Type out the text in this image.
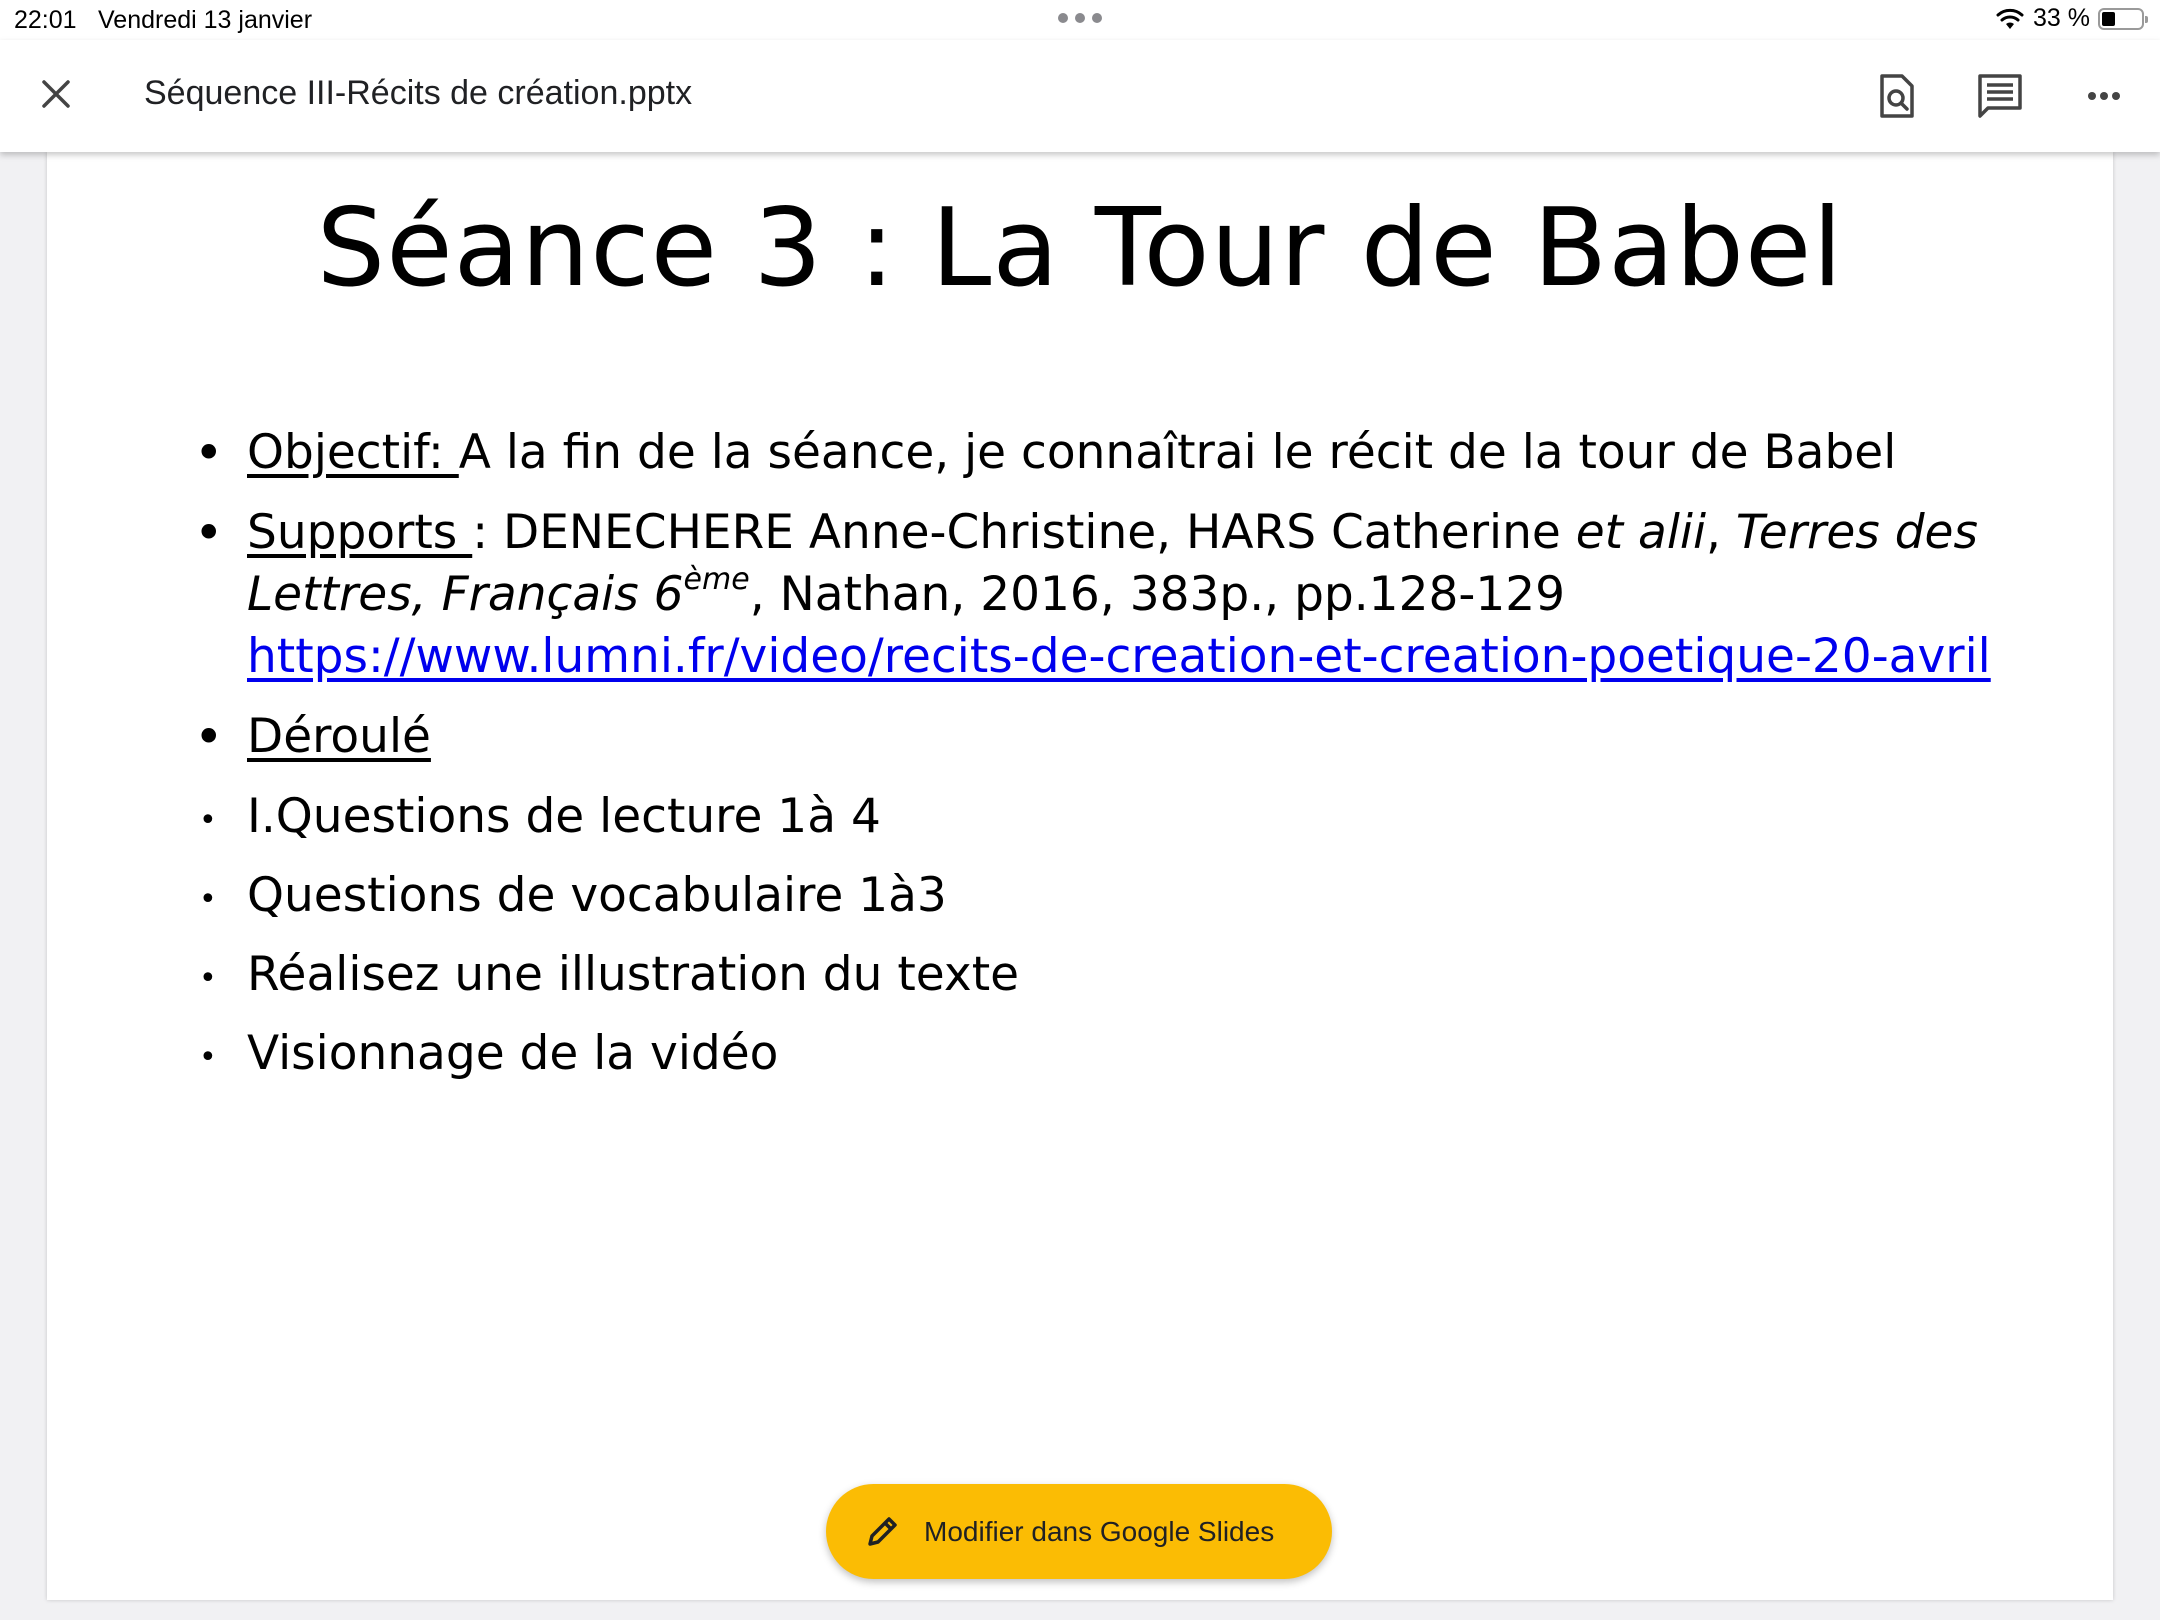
22:01 Vendredi 13 janvier	33 %
Séquence III-Récits de création.pptx
Séance 3 : La Tour de Babel
• Objectif: A la fin de la séance, je connaîtrai le récit de la tour de Babel
• Supports : DENECHERE Anne-Christine, HARS Catherine et alii, Terres des Lettres, Français 6ème, Nathan, 2016, 383p., pp.128-129
https://www.lumni.fr/video/recits-de-creation-et-creation-poetique-20-avril
• Déroulé
• I.Questions de lecture 1à 4
• Questions de vocabulaire 1à3
• Réalisez une illustration du texte
• Visionnage de la vidéo
Modifier dans Google Slides
